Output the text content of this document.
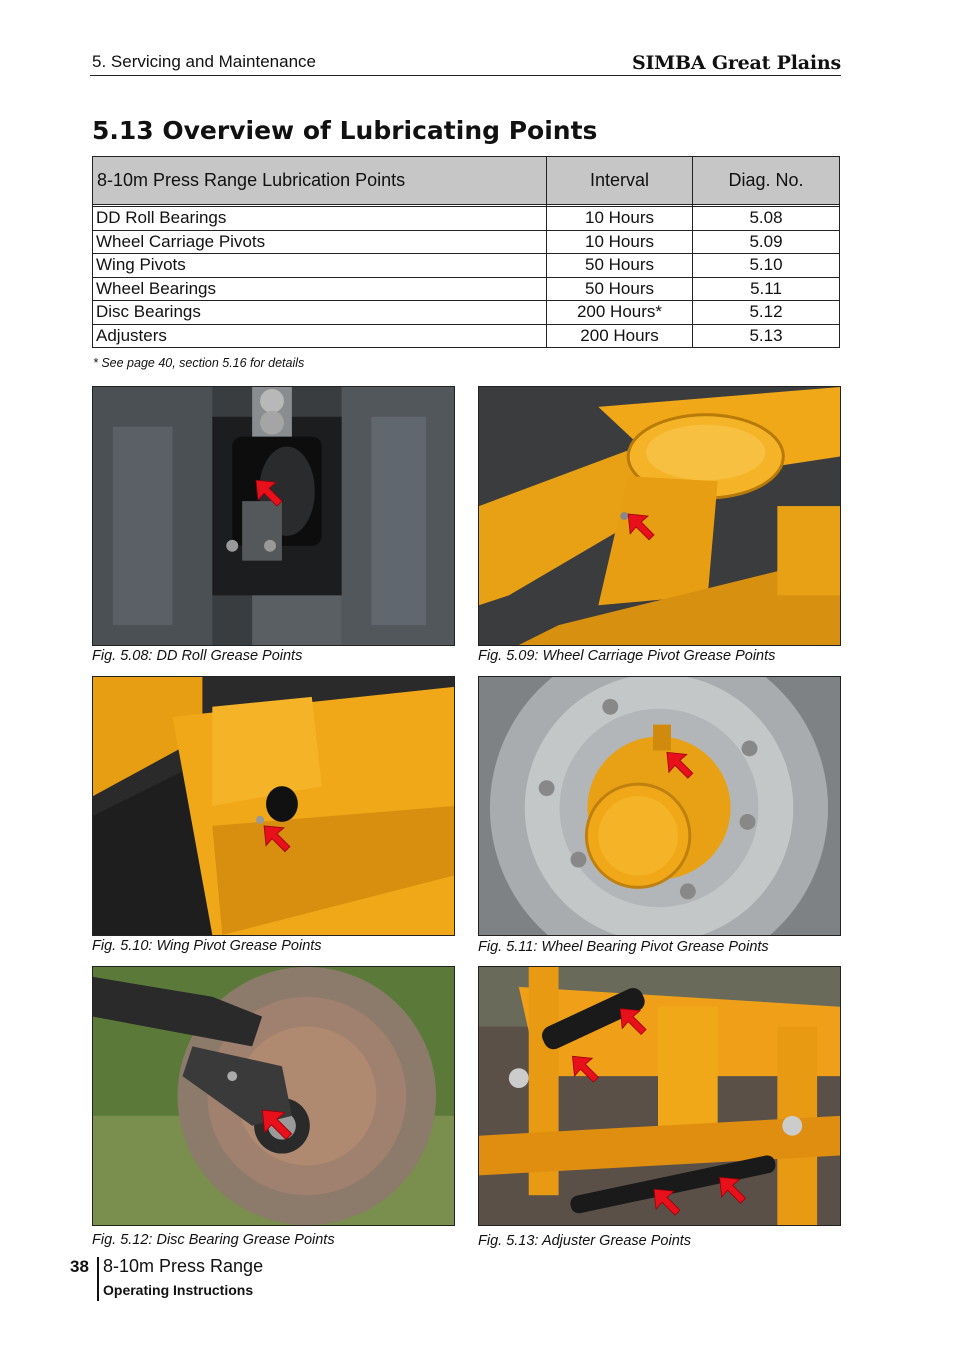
5. Servicing and Maintenance	SIMBA Great Plains
5.13 Overview of Lubricating Points
8-10m Press Range Lubrication Points	Interval	Diag. No.

DD Roll Bearings	10 Hours	5.08
Wheel Carriage Pivots	10 Hours	5.09
Wing Pivots	50 Hours	5.10
Wheel Bearings	50 Hours	5.11
Disc Bearings	200 Hours*	5.12
Adjusters	200 Hours	5.13
* See page 40, section 5.16 for details
Fig. 5.08: DD Roll Grease Points	Fig. 5.09: Wheel Carriage Pivot Grease Points
Fig. 5.10: Wing Pivot Grease Points	Fig. 5.11: Wheel Bearing Pivot Grease Points
Fig. 5.12: Disc Bearing Grease Points	Fig. 5.13: Adjuster Grease Points
38 8-10m Press Range
Operating Instructions
